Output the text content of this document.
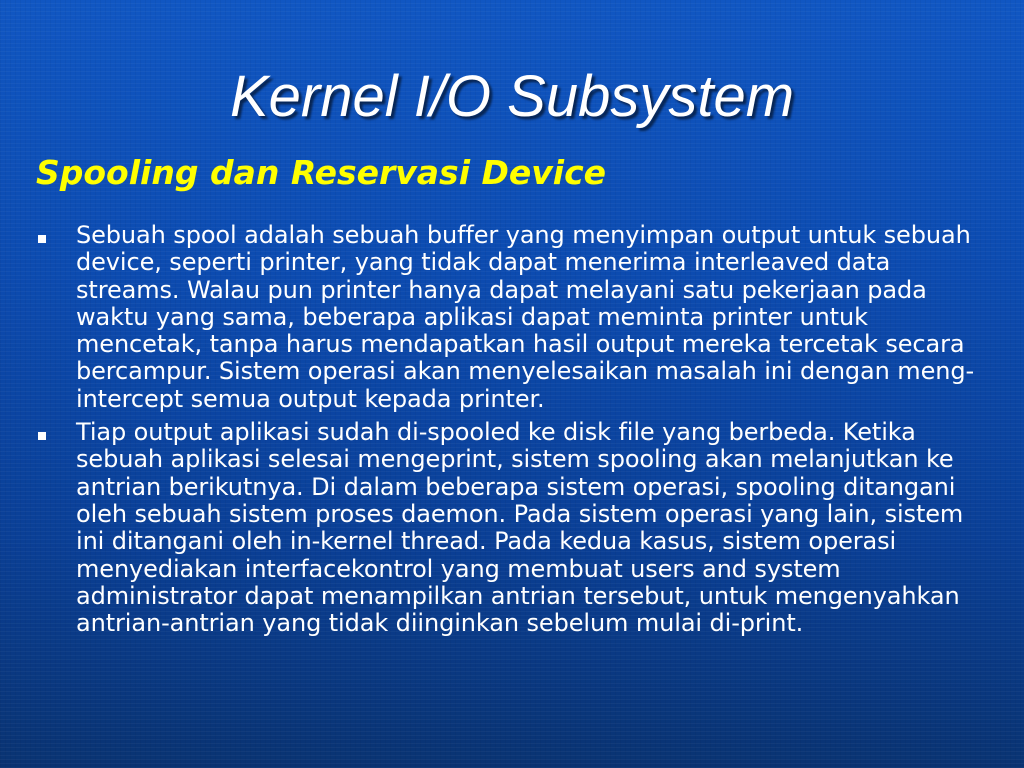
Kernel I/O Subsystem
Spooling dan Reservasi Device
Sebuah spool adalah sebuah buffer yang menyimpan output untuk sebuah device, seperti printer, yang tidak dapat menerima interleaved data streams. Walau pun printer hanya dapat melayani satu pekerjaan pada waktu yang sama, beberapa aplikasi dapat meminta printer untuk mencetak, tanpa harus mendapatkan hasil output mereka tercetak secara bercampur. Sistem operasi akan menyelesaikan masalah ini dengan meng-intercept semua output kepada printer.
Tiap output aplikasi sudah di-spooled ke disk file yang berbeda. Ketika sebuah aplikasi selesai mengeprint, sistem spooling akan melanjutkan ke antrian berikutnya. Di dalam beberapa sistem operasi, spooling ditangani oleh sebuah sistem proses daemon. Pada sistem operasi yang lain, sistem ini ditangani oleh in-kernel thread. Pada kedua kasus, sistem operasi menyediakan interfacekontrol yang membuat users and system administrator dapat menampilkan antrian tersebut, untuk mengenyahkan antrian-antrian yang tidak diinginkan sebelum mulai di-print.
